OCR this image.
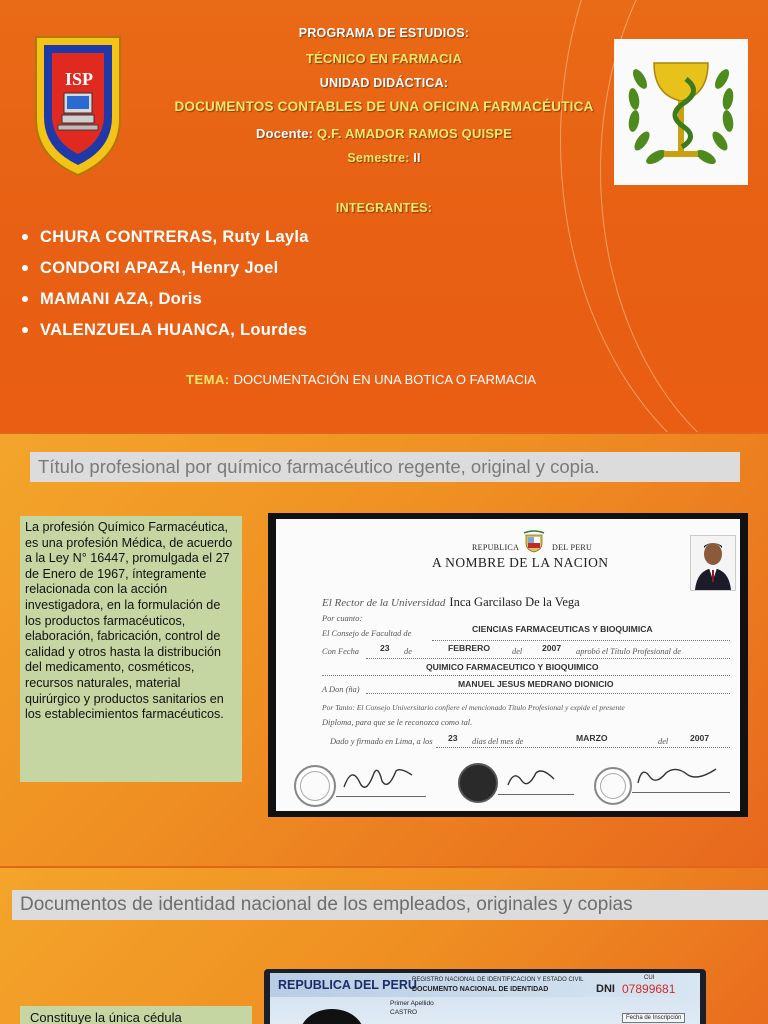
ISP
PROGRAMA DE ESTUDIOS:
TÉCNICO EN FARMACIA
UNIDAD DIDÁCTICA:
DOCUMENTOS CONTABLES DE UNA OFICINA FARMACÉUTICA
Docente: Q.F. AMADOR RAMOS QUISPE
Semestre: II
INTEGRANTES:
CHURA CONTRERAS, Ruty Layla
CONDORI APAZA, Henry Joel
MAMANI AZA, Doris
VALENZUELA HUANCA, Lourdes
TEMA: DOCUMENTACIÓN EN UNA BOTICA O FARMACIA
Título profesional por químico farmacéutico regente, original y copia.
La profesión Químico Farmacéutica, es una profesión Médica, de acuerdo a la Ley N° 16447, promulgada el 27 de Enero de 1967, íntegramente relacionada con la acción investigadora, en la formulación de los productos farmacéuticos, elaboración, fabricación, control de calidad y otros hasta la distribución del medicamento, cosméticos, recursos naturales, material quirúrgico y productos sanitarios en los establecimientos farmacéuticos.
REPUBLICA	DEL PERU
A NOMBRE DE LA NACION
El Rector de la Universidad Inca Garcilaso De la Vega
Por cuanto:
El Consejo de Facultad de	CIENCIAS FARMACEUTICAS Y BIOQUIMICA
Con Fecha 23 de	FEBRERO	del 2007 aprobó el Título Profesional de
QUIMICO FARMACEUTICO Y BIOQUIMICO
A Don (ña)
MANUEL JESUS MEDRANO DIONICIO
Por Tanto: El Consejo Universitario confiere el mencionado Título Profesional y expide el presente
Diploma, para que se le reconozca como tal.
Dado y firmado en Lima, a los 23 días del mes de	MARZO	del	2007
Documentos de identidad nacional de los empleados, originales y copias
REPUBLICA DEL PERU
REGISTRO NACIONAL DE IDENTIFICACION Y ESTADO CIVIL
DOCUMENTO NACIONAL DE IDENTIDAD	DNI
CUI
07899681
Primer Apellido
CASTRO
Fecha de Inscripción
Constituye la única cédula
